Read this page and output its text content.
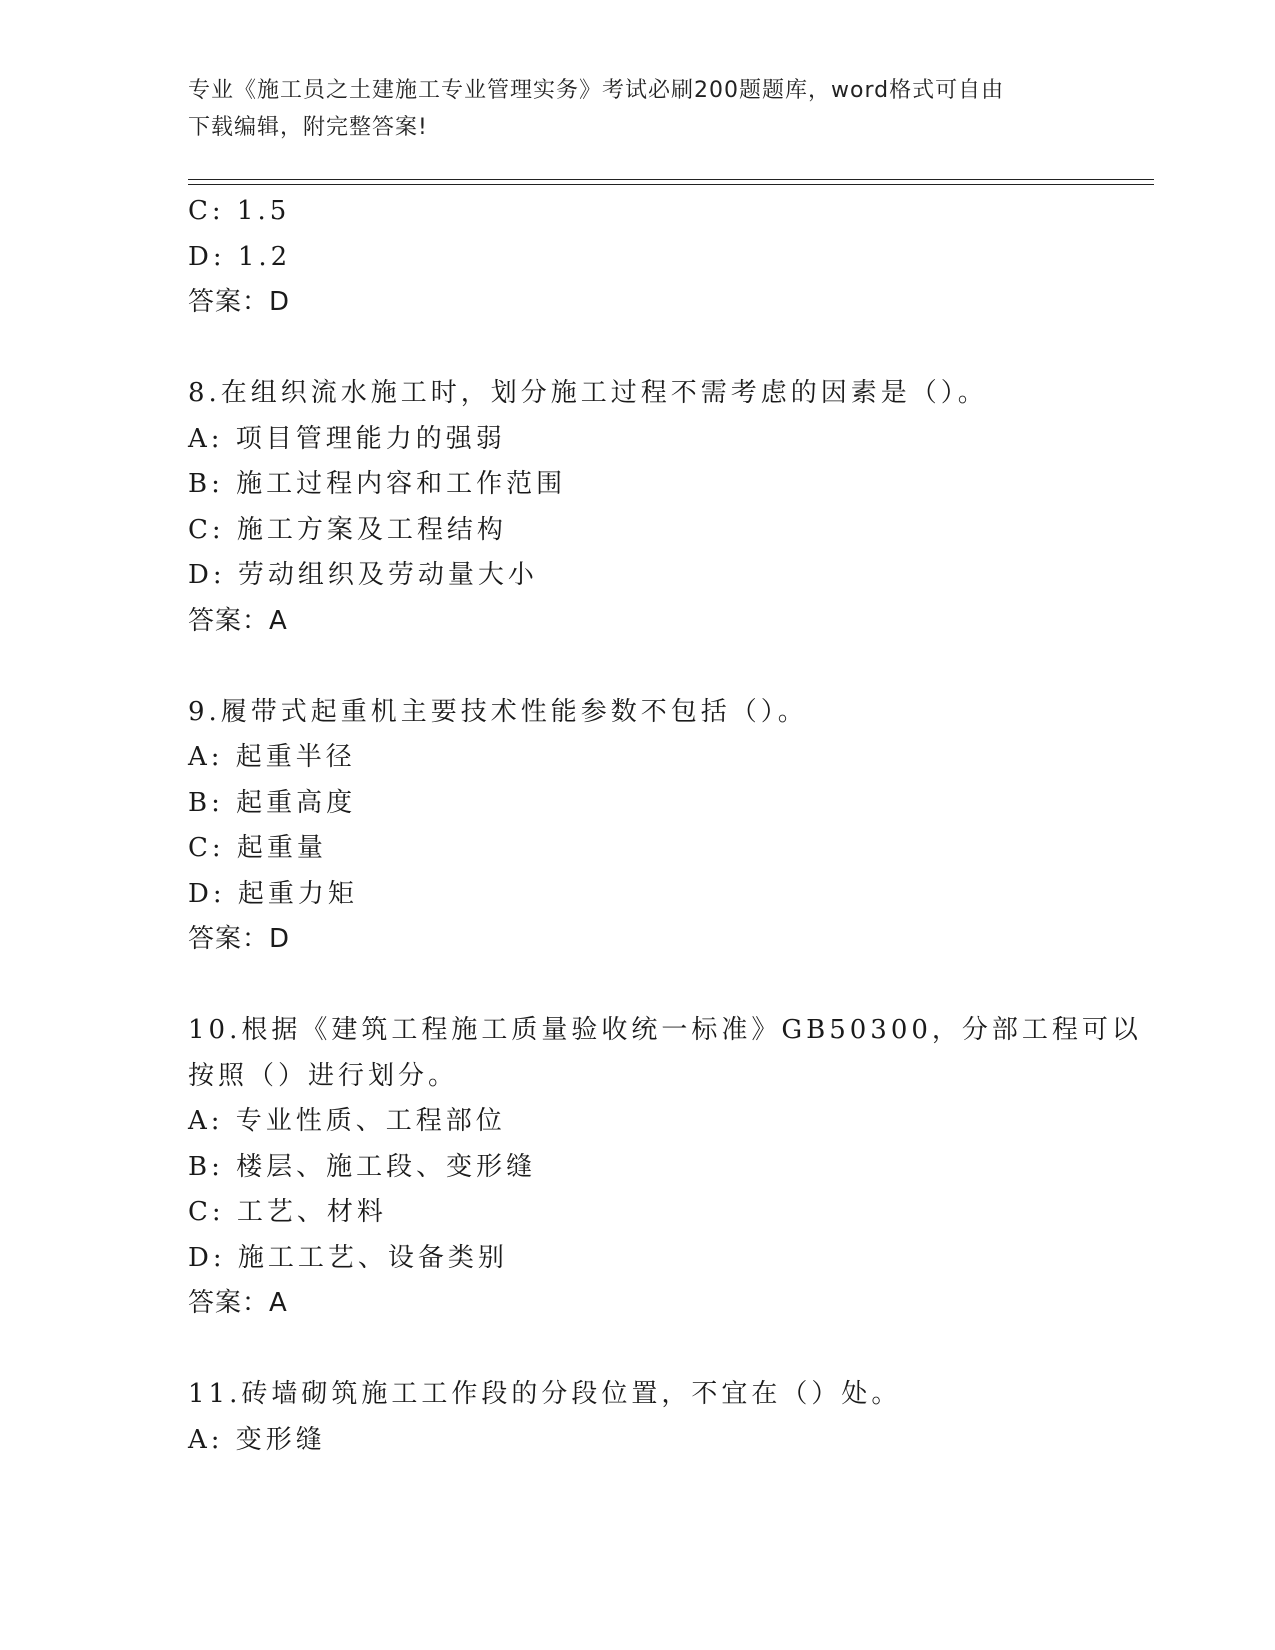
专业《施工员之土建施工专业管理实务》考试必刷200题题库，word格式可自由
下载编辑，附完整答案!
C: 1.5
D: 1.2
答案：D
8.在组织流水施工时，划分施工过程不需考虑的因素是（）。
A: 项目管理能力的强弱
B: 施工过程内容和工作范围
C: 施工方案及工程结构
D: 劳动组织及劳动量大小
答案：A
9.履带式起重机主要技术性能参数不包括（）。
A: 起重半径
B: 起重高度
C: 起重量
D: 起重力矩
答案：D
10.根据《建筑工程施工质量验收统一标准》GB50300，分部工程可以
按照（）进行划分。
A: 专业性质、工程部位
B: 楼层、施工段、变形缝
C: 工艺、材料
D: 施工工艺、设备类别
答案：A
11.砖墙砌筑施工工作段的分段位置，不宜在（）处。
A: 变形缝
